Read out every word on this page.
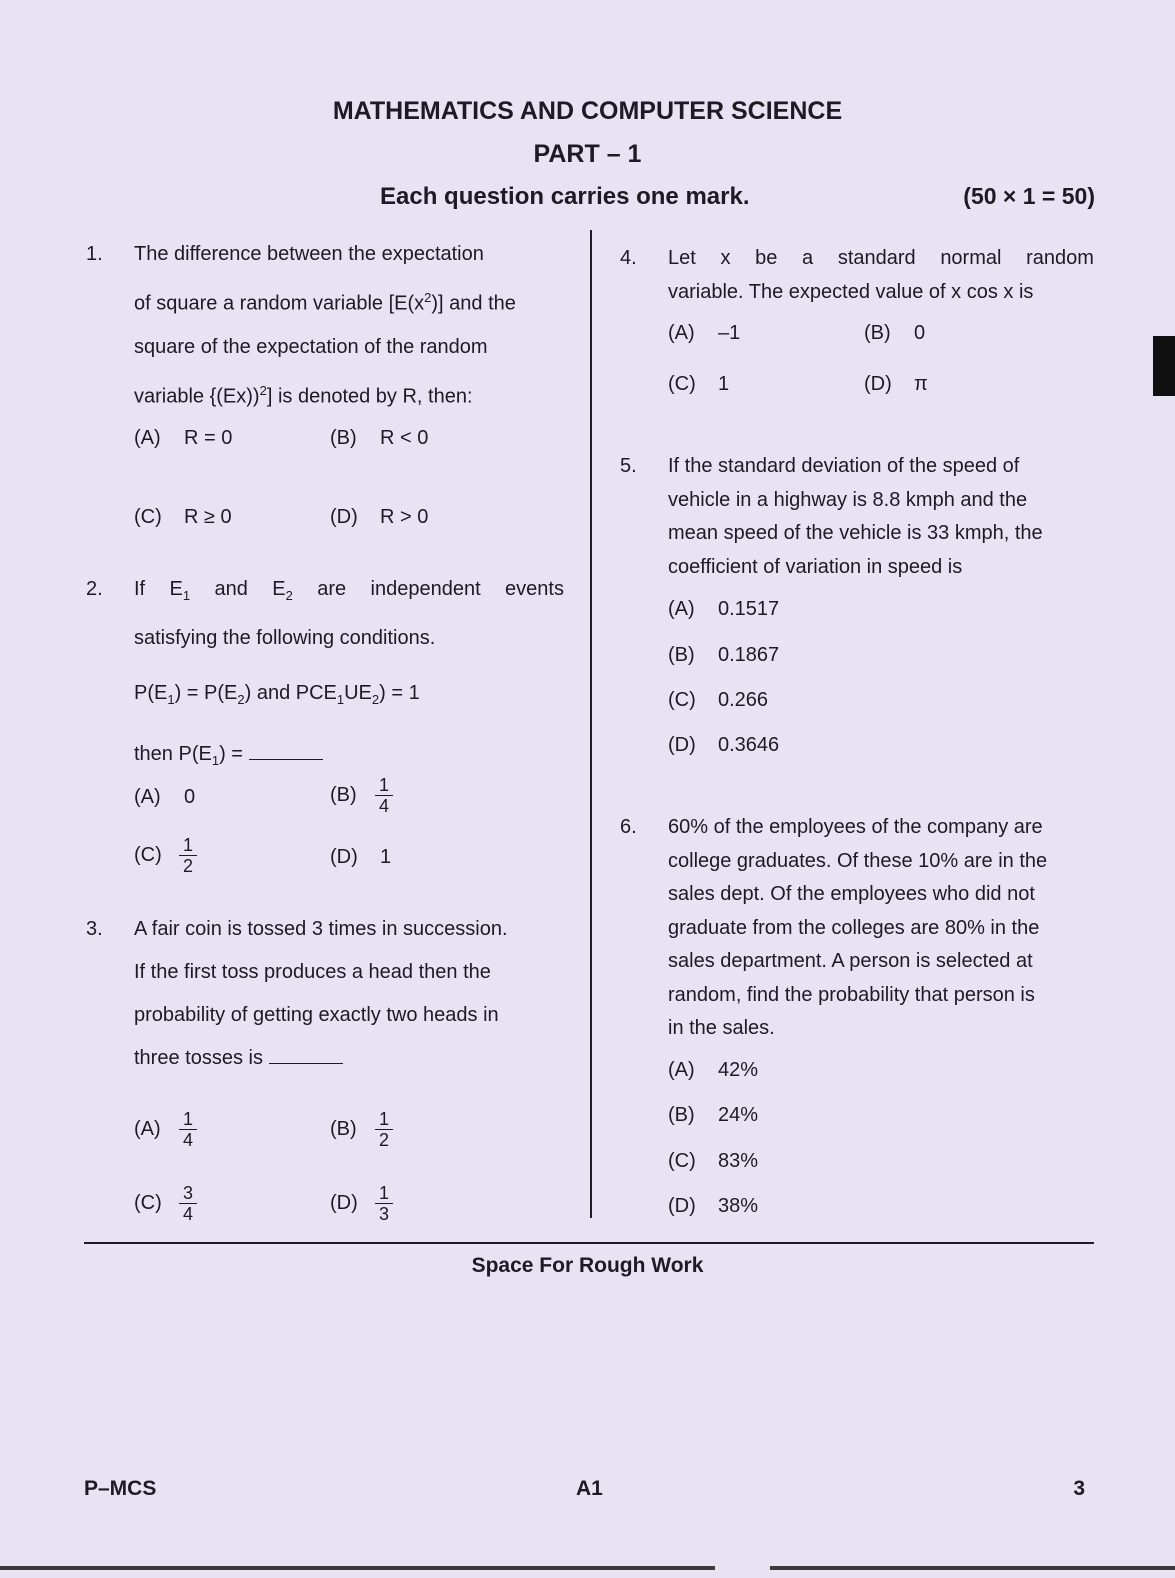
MATHEMATICS AND COMPUTER SCIENCE
PART – 1
Each question carries one mark.	(50 × 1 = 50)
1. The difference between the expectation
of square a random variable $[E(x^2)]$ and the
square of the expectation of the random
variable {(Ex))$^2$] is denoted by R, then:
(A) R = 0	(B) R < 0
(C) R ≥ 0	(D) R > 0
2. If $E_1$ and $E_2$ are independent events
satisfying the following conditions.
$P(E_1) = P(E_2)$ and $PCE_1UE_2) = 1$
then $P(E_1)$ =
(A) 0	$(B) \frac{1}{4}$
$(C) \frac{1}{2}$	(D) 1
3. A fair coin is tossed 3 times in succession.
If the first toss produces a head then the
probability of getting exactly two heads in
three tosses is
$(A) \frac{1}{4}$	$(B) \frac{1}{2}$
$(C) \frac{3}{4}$	$(D) \frac{1}{3}$
4. Let x be a standard normal random
variable. The expected value of x cos x is
(A) –1	(B) 0
(C) 1	(D) π
5. If the standard deviation of the speed of
vehicle in a highway is 8.8 kmph and the
mean speed of the vehicle is 33 kmph, the
coefficient of variation in speed is
(A) 0.1517
(B) 0.1867
(C) 0.266
(D) 0.3646
6. 60% of the employees of the company are
college graduates. Of these 10% are in the
sales dept. Of the employees who did not
graduate from the colleges are 80% in the
sales department. A person is selected at
random, find the probability that person is
in the sales.
(A) 42%
(B) 24%
(C) 83%
(D) 38%
Space For Rough Work
P–MCS	A1	3
